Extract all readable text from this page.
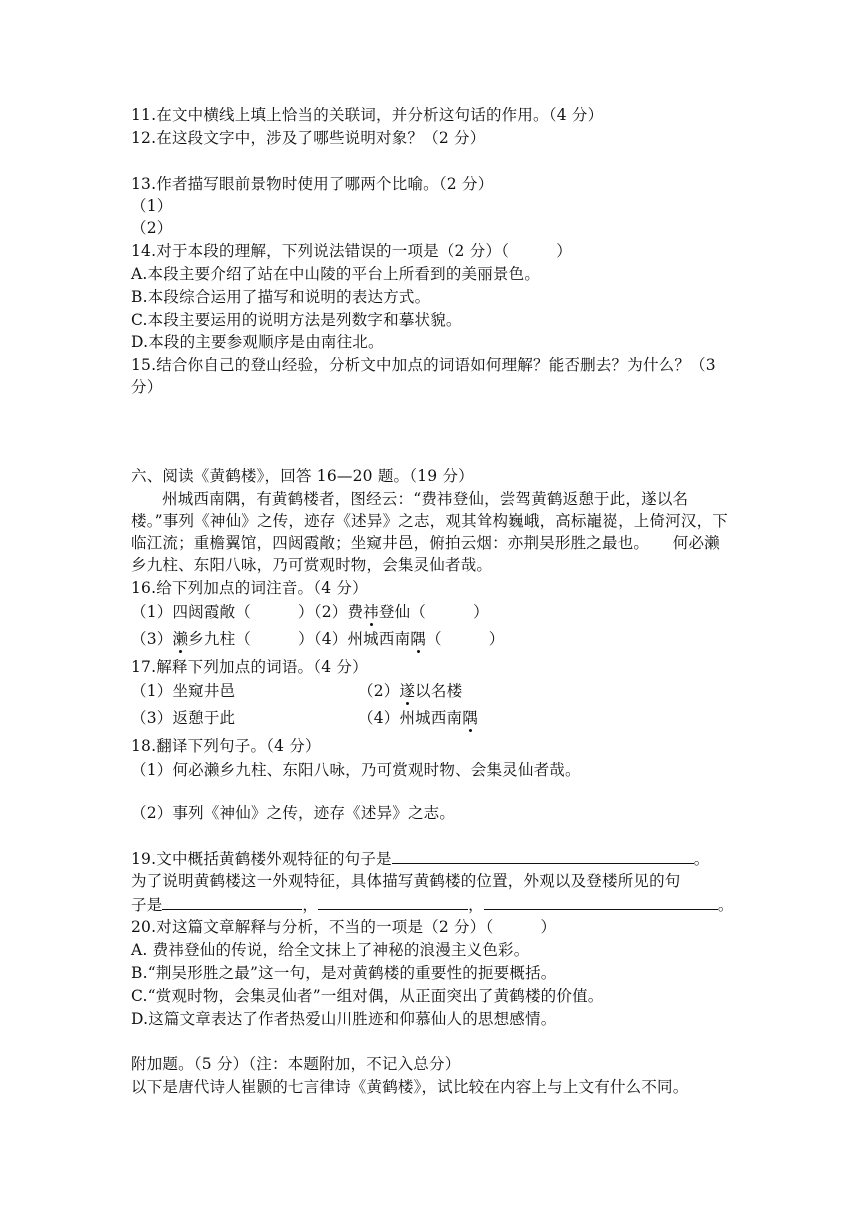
11.在文中横线上填上恰当的关联词，并分析这句话的作用。（4 分）
12.在这段文字中，涉及了哪些说明对象？（2 分）
13.作者描写眼前景物时使用了哪两个比喻。（2 分）
（1）
（2）
14.对于本段的理解，下列说法错误的一项是（2 分）（　　　）
A.本段主要介绍了站在中山陵的平台上所看到的美丽景色。
B.本段综合运用了描写和说明的表达方式。
C.本段主要运用的说明方法是列数字和摹状貌。
D.本段的主要参观顺序是由南往北。
15.结合你自己的登山经验，分析文中加点的词语如何理解？能否删去？为什么？（3 分）
六、阅读《黄鹤楼》，回答 16—20 题。（19 分）
州城西南隅，有黄鹤楼者，图经云：“费祎登仙，尝驾黄鹤返憩于此，遂以名楼。”事列《神仙》之传，迹存《述异》之志，观其耸构巍峨，高标巃嵸，上倚河汉，下临江流；重檐翼馆，四闼霞敞；坐窥井邑，俯拍云烟：亦荆吴形胜之最也。　　何必濑乡九柱、东阳八咏，乃可赏观时物，会集灵仙者哉。
16.给下列加点的词注音。（4 分）
（1）四闼霞敞（　　　）（2）费祎登仙（　　　）
（3）濑乡九柱（　　　）（4）州城西南隅（　　　）
17.解释下列加点的词语。（4 分）
（1）坐窥井邑	（2）遂以名楼
（3）返憩于此	（4）州城西南隅
18.翻译下列句子。（4 分）
（1）何必濑乡九柱、东阳八咏，乃可赏观时物、会集灵仙者哉。
（2）事列《神仙》之传，迹存《述异》之志。
19.文中概括黄鹤楼外观特征的句子是	。
为了说明黄鹤楼这一外观特征，具体描写黄鹤楼的位置，外观以及登楼所见的句
子是	，	，	。
20.对这篇文章解释与分析，不当的一项是（2 分）（　　　）
A. 费祎登仙的传说，给全文抹上了神秘的浪漫主义色彩。
B.“荆吴形胜之最”这一句，是对黄鹤楼的重要性的扼要概括。
C.“赏观时物，会集灵仙者”一组对偶，从正面突出了黄鹤楼的价值。
D.这篇文章表达了作者热爱山川胜迹和仰慕仙人的思想感情。
附加题。（5 分）（注：本题附加，不记入总分）
以下是唐代诗人崔颢的七言律诗《黄鹤楼》，试比较在内容上与上文有什么不同。
